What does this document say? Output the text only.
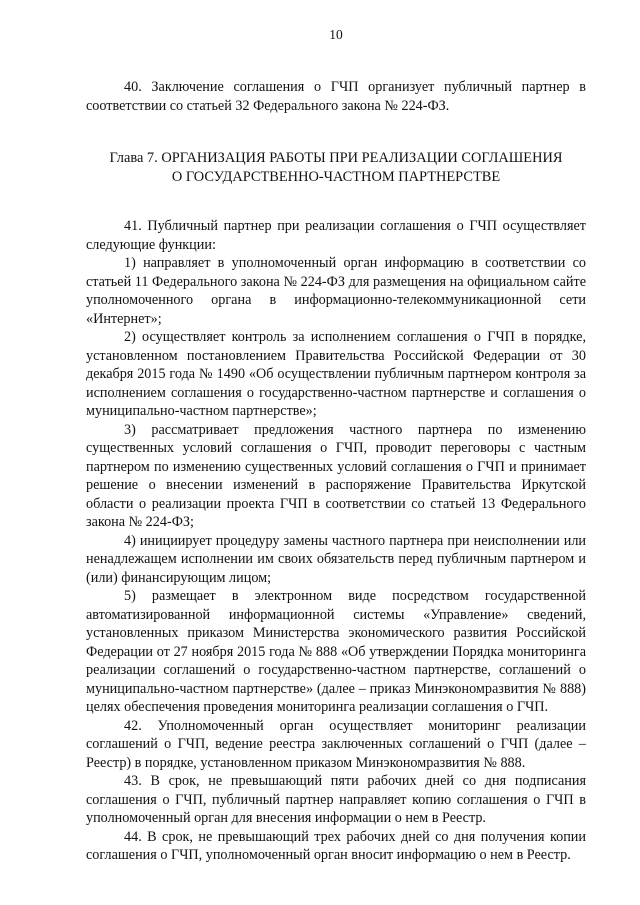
10

40. Заключение соглашения о ГЧП организует публичный партнер в соответствии со статьей 32 Федерального закона № 224-ФЗ.

Глава 7. ОРГАНИЗАЦИЯ РАБОТЫ ПРИ РЕАЛИЗАЦИИ СОГЛАШЕНИЯ
О ГОСУДАРСТВЕННО-ЧАСТНОМ ПАРТНЕРСТВЕ

41. Публичный партнер при реализации соглашения о ГЧП осуществляет следующие функции:

1) направляет в уполномоченный орган информацию в соответствии со статьей 11 Федерального закона № 224-ФЗ для размещения на официальном сайте уполномоченного органа в информационно-телекоммуникационной сети «Интернет»;

2) осуществляет контроль за исполнением соглашения о ГЧП в порядке, установленном постановлением Правительства Российской Федерации от 30 декабря 2015 года № 1490 «Об осуществлении публичным партнером контроля за исполнением соглашения о государственно-частном партнерстве и соглашения о муниципально-частном партнерстве»;

3) рассматривает предложения частного партнера по изменению существенных условий соглашения о ГЧП, проводит переговоры с частным партнером по изменению существенных условий соглашения о ГЧП и принимает решение о внесении изменений в распоряжение Правительства Иркутской области о реализации проекта ГЧП в соответствии со статьей 13 Федерального закона № 224-ФЗ;

4) инициирует процедуру замены частного партнера при неисполнении или ненадлежащем исполнении им своих обязательств перед публичным партнером и (или) финансирующим лицом;

5) размещает в электронном виде посредством государственной автоматизированной информационной системы «Управление» сведений, установленных приказом Министерства экономического развития Российской Федерации от 27 ноября 2015 года № 888 «Об утверждении Порядка мониторинга реализации соглашений о государственно-частном партнерстве, соглашений о муниципально-частном партнерстве» (далее – приказ Минэкономразвития № 888) целях обеспечения проведения мониторинга реализации соглашения о ГЧП.

42. Уполномоченный орган осуществляет мониторинг реализации соглашений о ГЧП, ведение реестра заключенных соглашений о ГЧП (далее – Реестр) в порядке, установленном приказом Минэкономразвития № 888.

43. В срок, не превышающий пяти рабочих дней со дня подписания соглашения о ГЧП, публичный партнер направляет копию соглашения о ГЧП в уполномоченный орган для внесения информации о нем в Реестр.

44. В срок, не превышающий трех рабочих дней со дня получения копии соглашения о ГЧП, уполномоченный орган вносит информацию о нем в Реестр.
